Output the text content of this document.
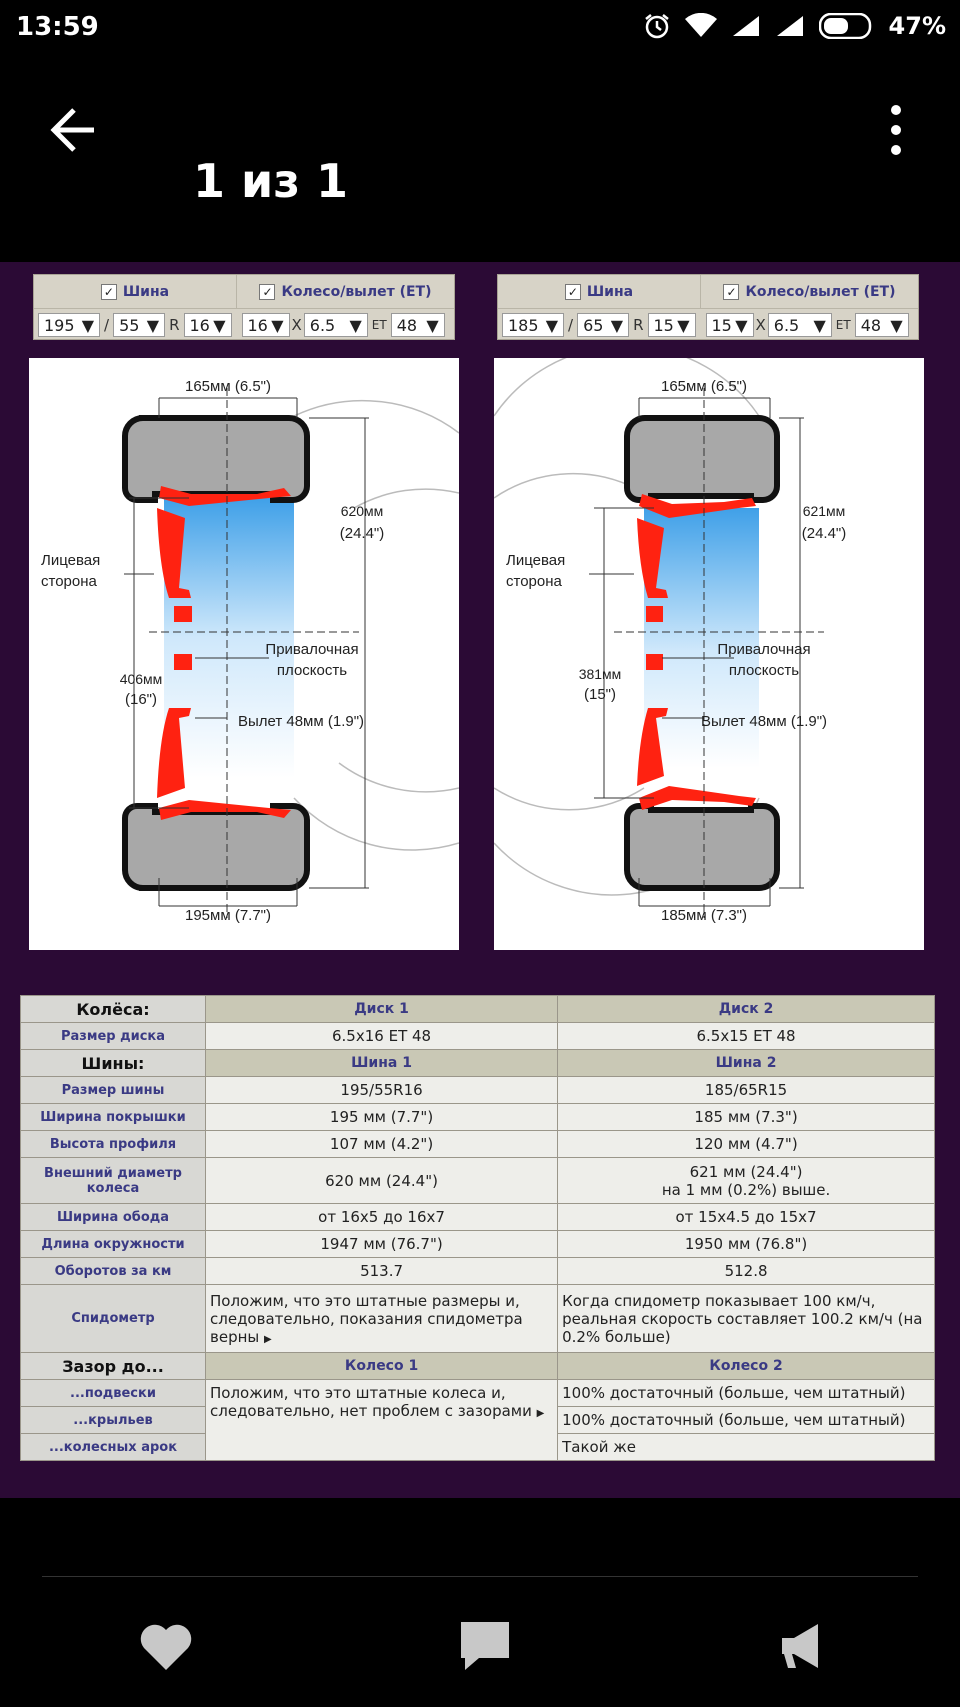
13:59	47%
1 из 1
✓ Шина	✓ Колесо/вылет (ET)
195 ▼ / 55 ▼ R 16 ▼ 16 ▼ X 6.5 ▼ ET 48 ▼
✓ Шина	✓ Колесо/вылет (ET)
185 ▼ / 65 ▼ R 15 ▼ 15 ▼ X 6.5 ▼ ET 48 ▼
165мм (6.5")
620мм
(24.4")
Лицевая
сторона
Привалочная
плоскость
406мм
(16")
Вылет 48мм (1.9")
195мм (7.7")
165мм (6.5")
621мм
(24.4")
Лицевая
сторона
Привалочная
плоскость
381мм
(15")
Вылет 48мм (1.9")
185мм (7.3")
Колёса:	Диск 1	Диск 2
Размер диска	6.5x16 ET 48	6.5x15 ET 48
Шины:	Шина 1	Шина 2
Размер шины	195/55R16	185/65R15
Ширина покрышки	195 мм (7.7")	185 мм (7.3")
Высота профиля	107 мм (4.2")	120 мм (4.7")
Внешний диаметр колеса	620 мм (24.4")	621 мм (24.4")
на 1 мм (0.2%) выше.

Ширина обода	от 16x5 до 16x7	от 15x4.5 до 15x7
Длина окружности	1947 мм (76.7")	1950 мм (76.8")
Оборотов за км	513.7	512.8
Спидометр	Положим, что это штатные размеры и, следовательно, показания спидометра верны ▶	Когда спидометр показывает 100 км/ч, реальная скорость составляет 100.2 км/ч (на 0.2% больше)
Зазор до...	Колесо 1	Колесо 2
...подвески	Положим, что это штатные колеса и, следовательно, нет проблем с зазорами ▶	100% достаточный (больше, чем штатный)
...крыльев		100% достаточный (больше, чем штатный)
...колесных арок		Такой же
